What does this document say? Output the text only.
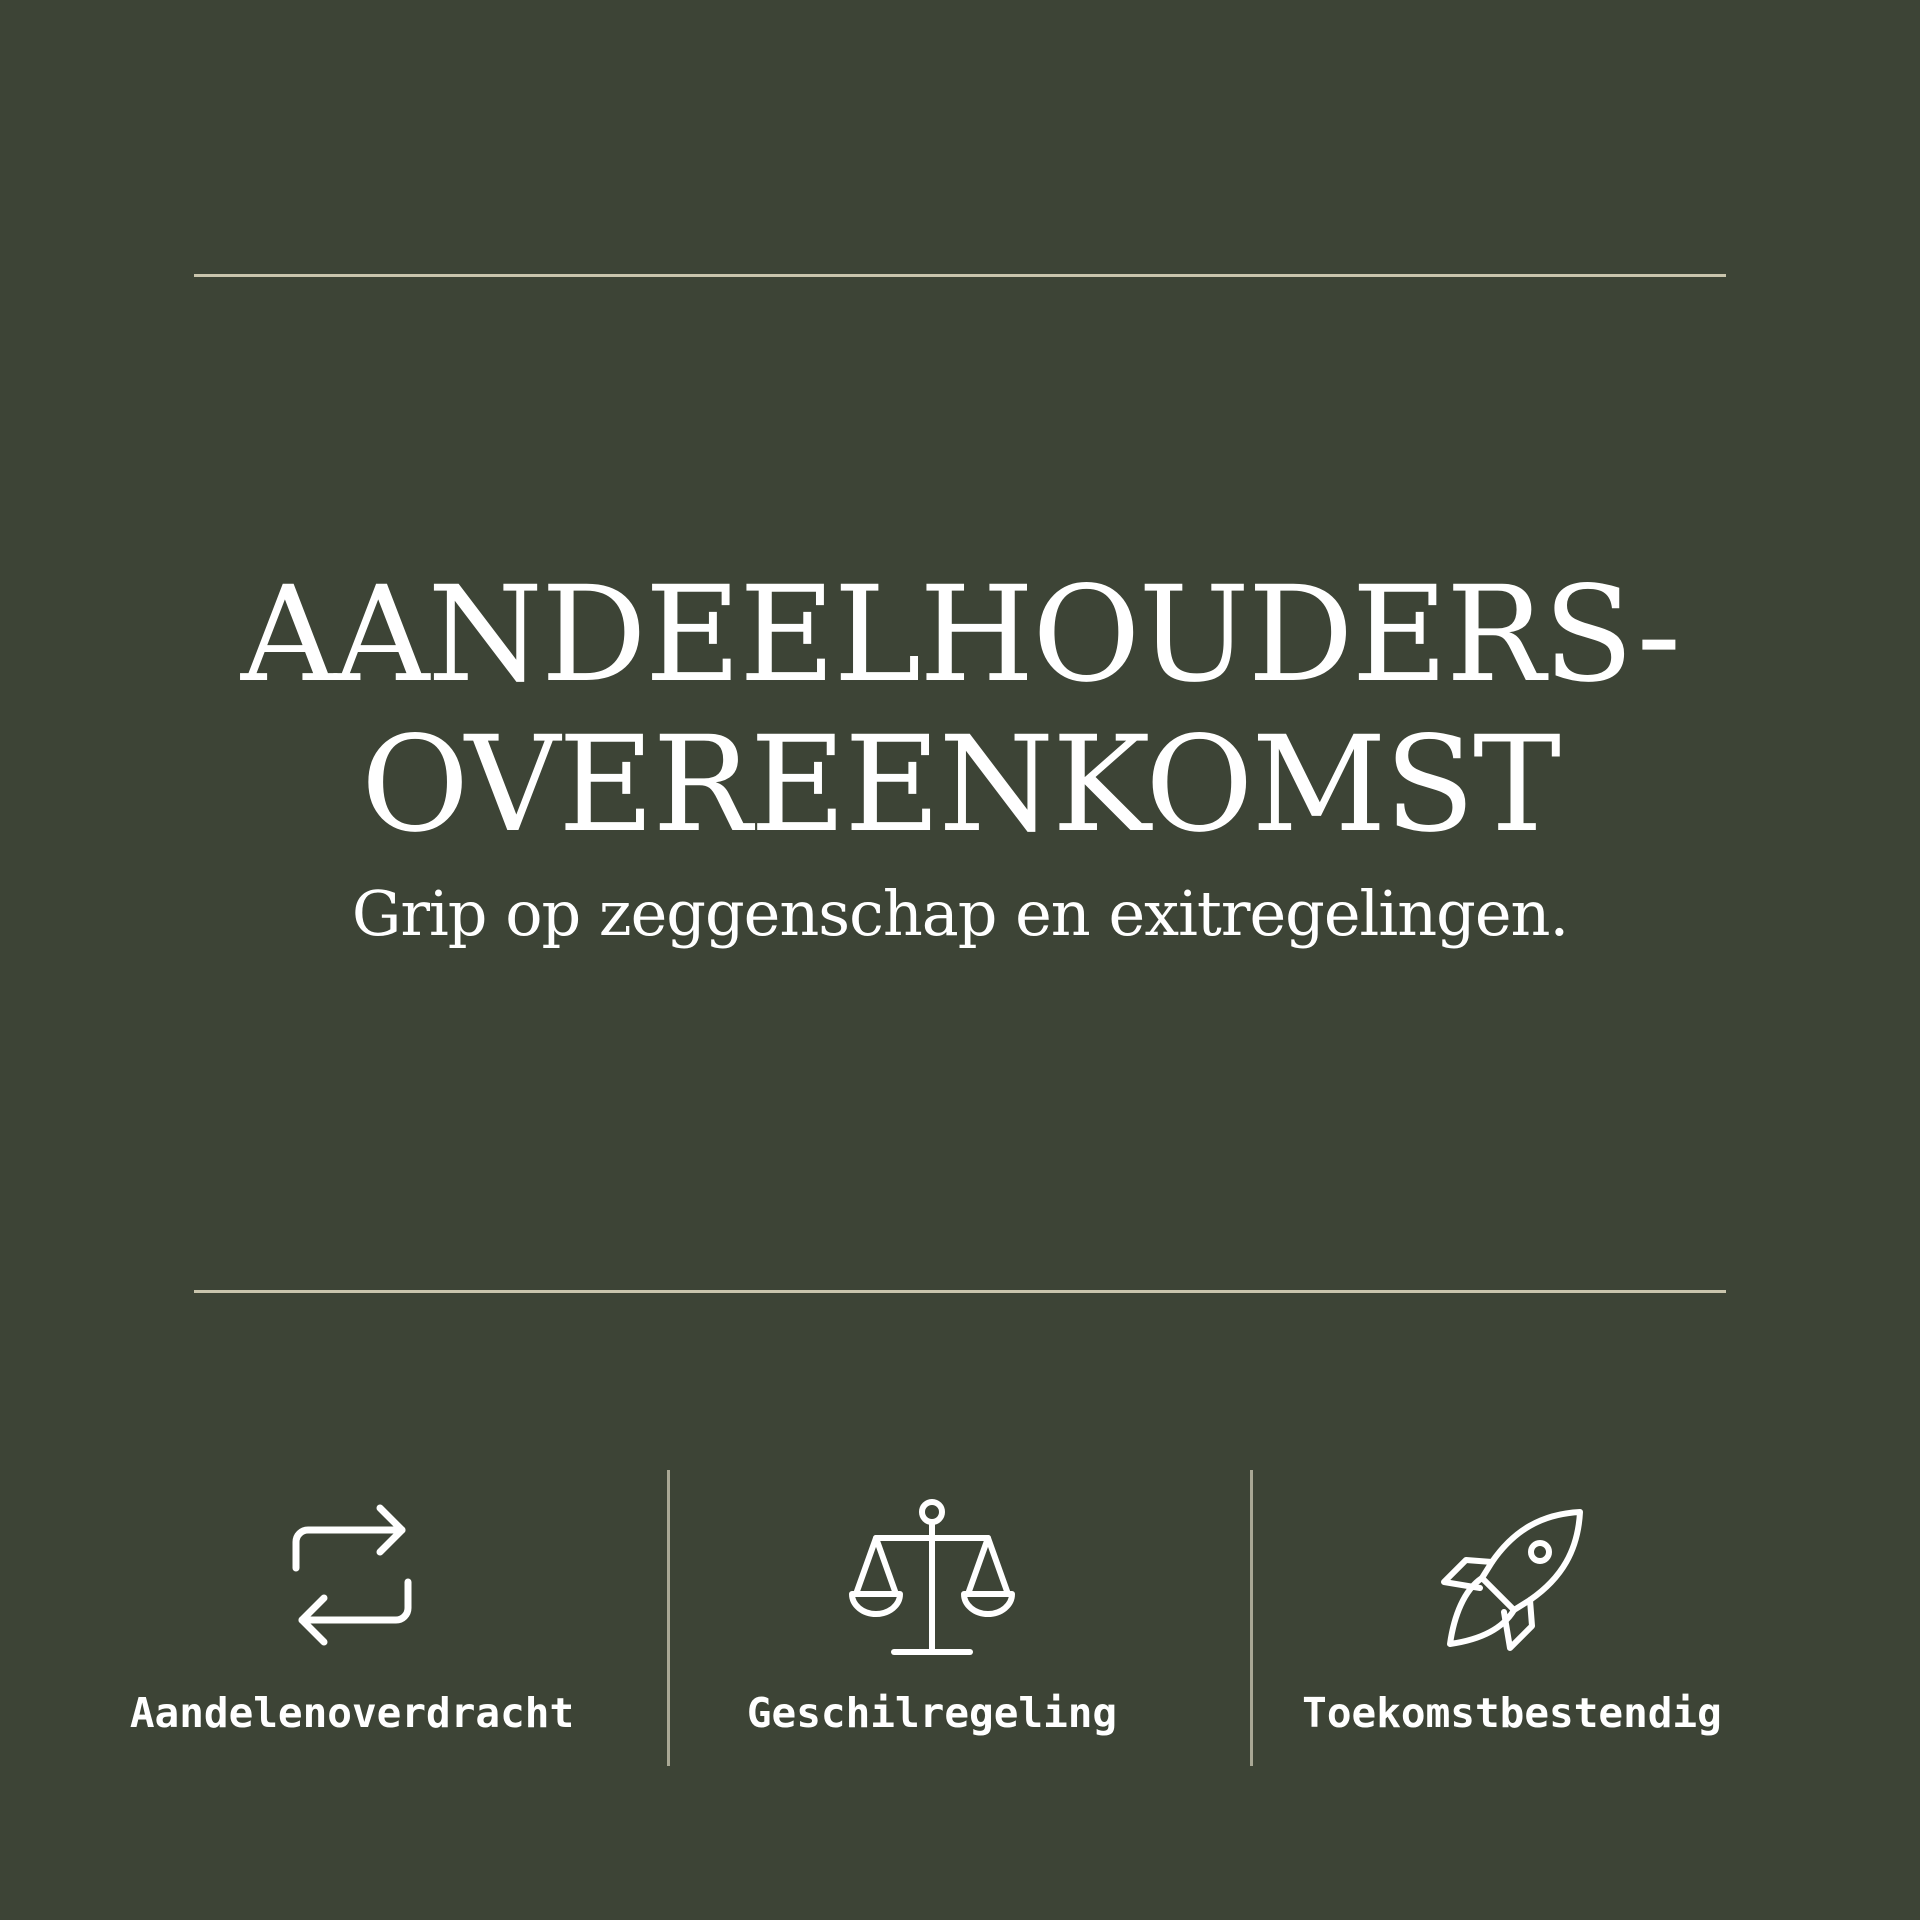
AANDEELHOUDERS-
OVEREENKOMST
Grip op zeggenschap en exitregelingen.
Aandelenoverdracht	Geschilregeling	Toekomstbestendig
